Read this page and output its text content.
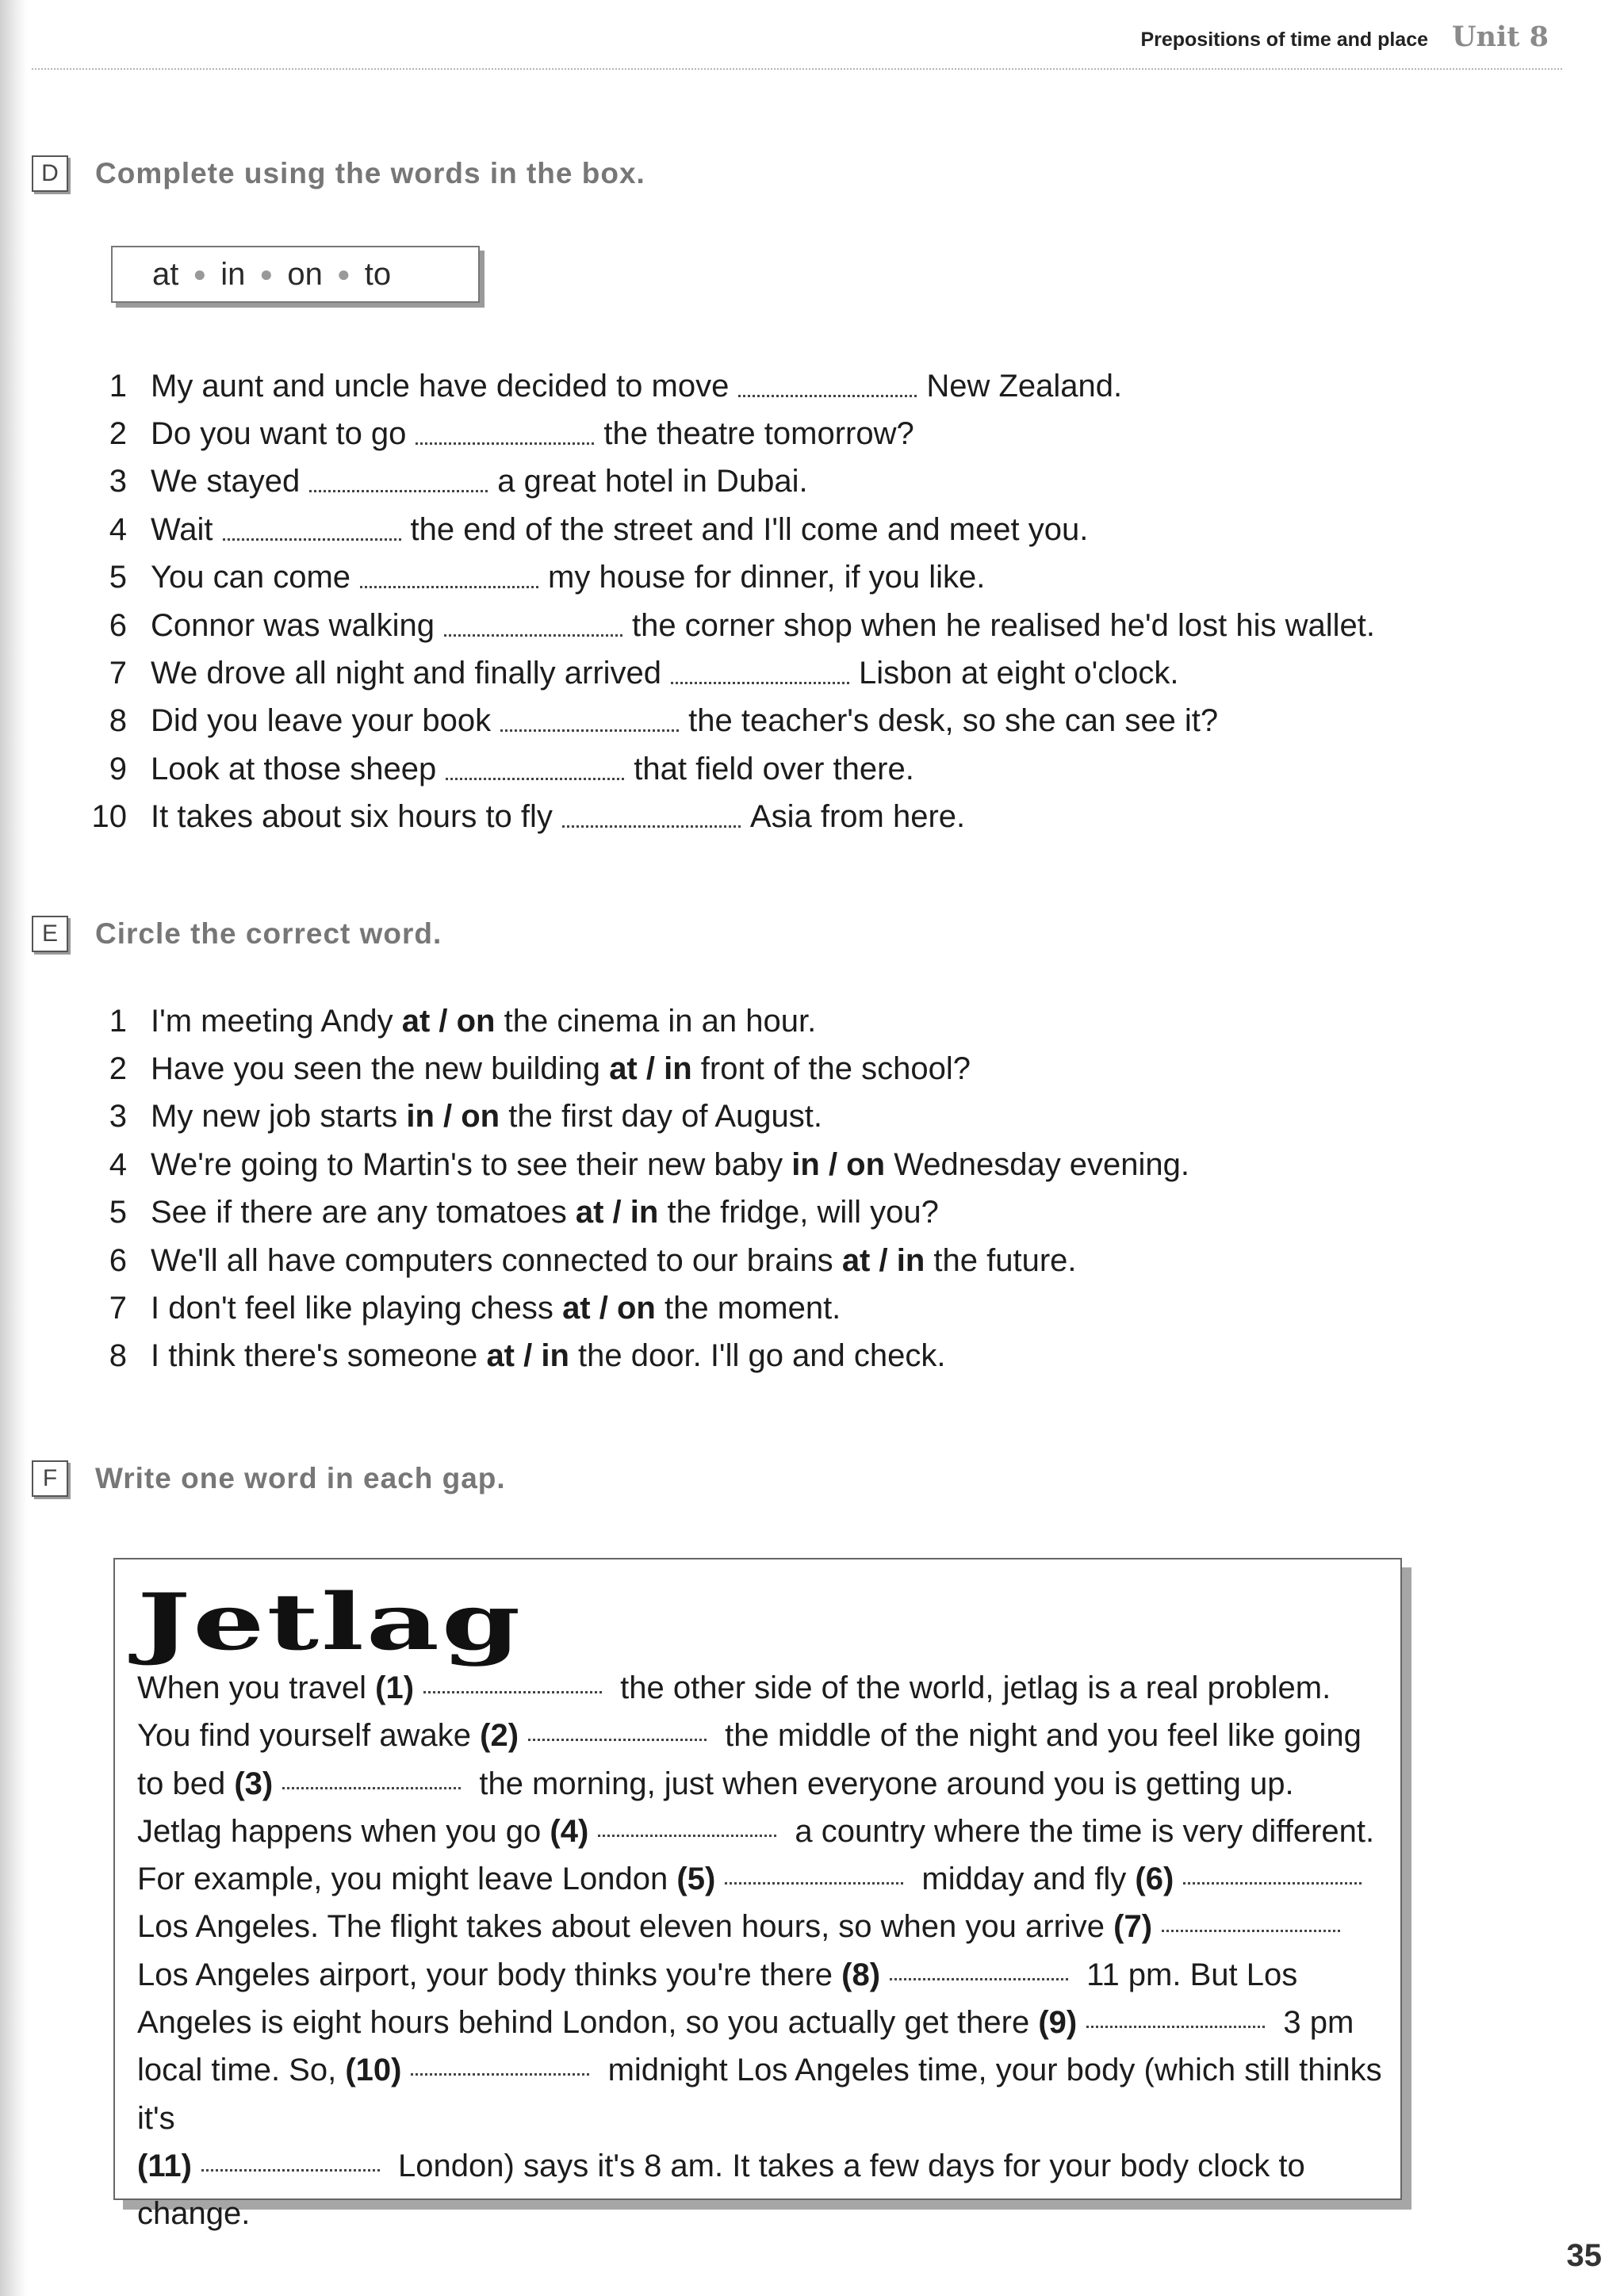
Prepositions of time and place Unit 8
D	Complete using the words in the box.
at ● in ● on ● to
1 My aunt and uncle have decided to move	New Zealand.
2 Do you want to go	the theatre tomorrow?
3 We stayed	a great hotel in Dubai.
4 Wait	the end of the street and I'll come and meet you.
5 You can come	my house for dinner, if you like.
6 Connor was walking	the corner shop when he realised he'd lost his wallet.
7 We drove all night and finally arrived	Lisbon at eight o'clock.
8 Did you leave your book	the teacher's desk, so she can see it?
9 Look at those sheep	that field over there.
10 It takes about six hours to fly	Asia from here.
E	Circle the correct word.
1 I'm meeting Andy
at / on
the cinema in an hour.
2 Have you seen the new building
at / in
front of the school?
3 My new job starts
in / on
the first day of August.
4 We're going to Martin's to see their new baby
in / on
Wednesday evening.
5 See if there are any tomatoes
at / in
the fridge, will you?
6 We'll all have computers connected to our brains
at / in
the future.
7 I don't feel like playing chess
at / on
the moment.
8 I think there's someone
at / in
the door. I'll go and check.
F	Write one word in each gap.
Jetlag
When you travel (1)	the other side of the world, jetlag is a real problem. You find yourself awake (2)	the middle of the night and you feel like going to bed (3)	the morning, just when everyone around you is getting up.
Jetlag happens when you go (4)	a country where the time is very different. For example, you might leave London (5)	midday and fly (6) Los Angeles. The flight takes about eleven hours, so when you arrive (7) Los Angeles airport, your body thinks you're there (8)	11 pm. But Los Angeles is eight hours behind London, so you actually get there (9)	3 pm local time. So, (10)	midnight Los Angeles time, your body (which still thinks it's
(11)	London) says it's 8 am. It takes a few days for your body clock to change.
35
